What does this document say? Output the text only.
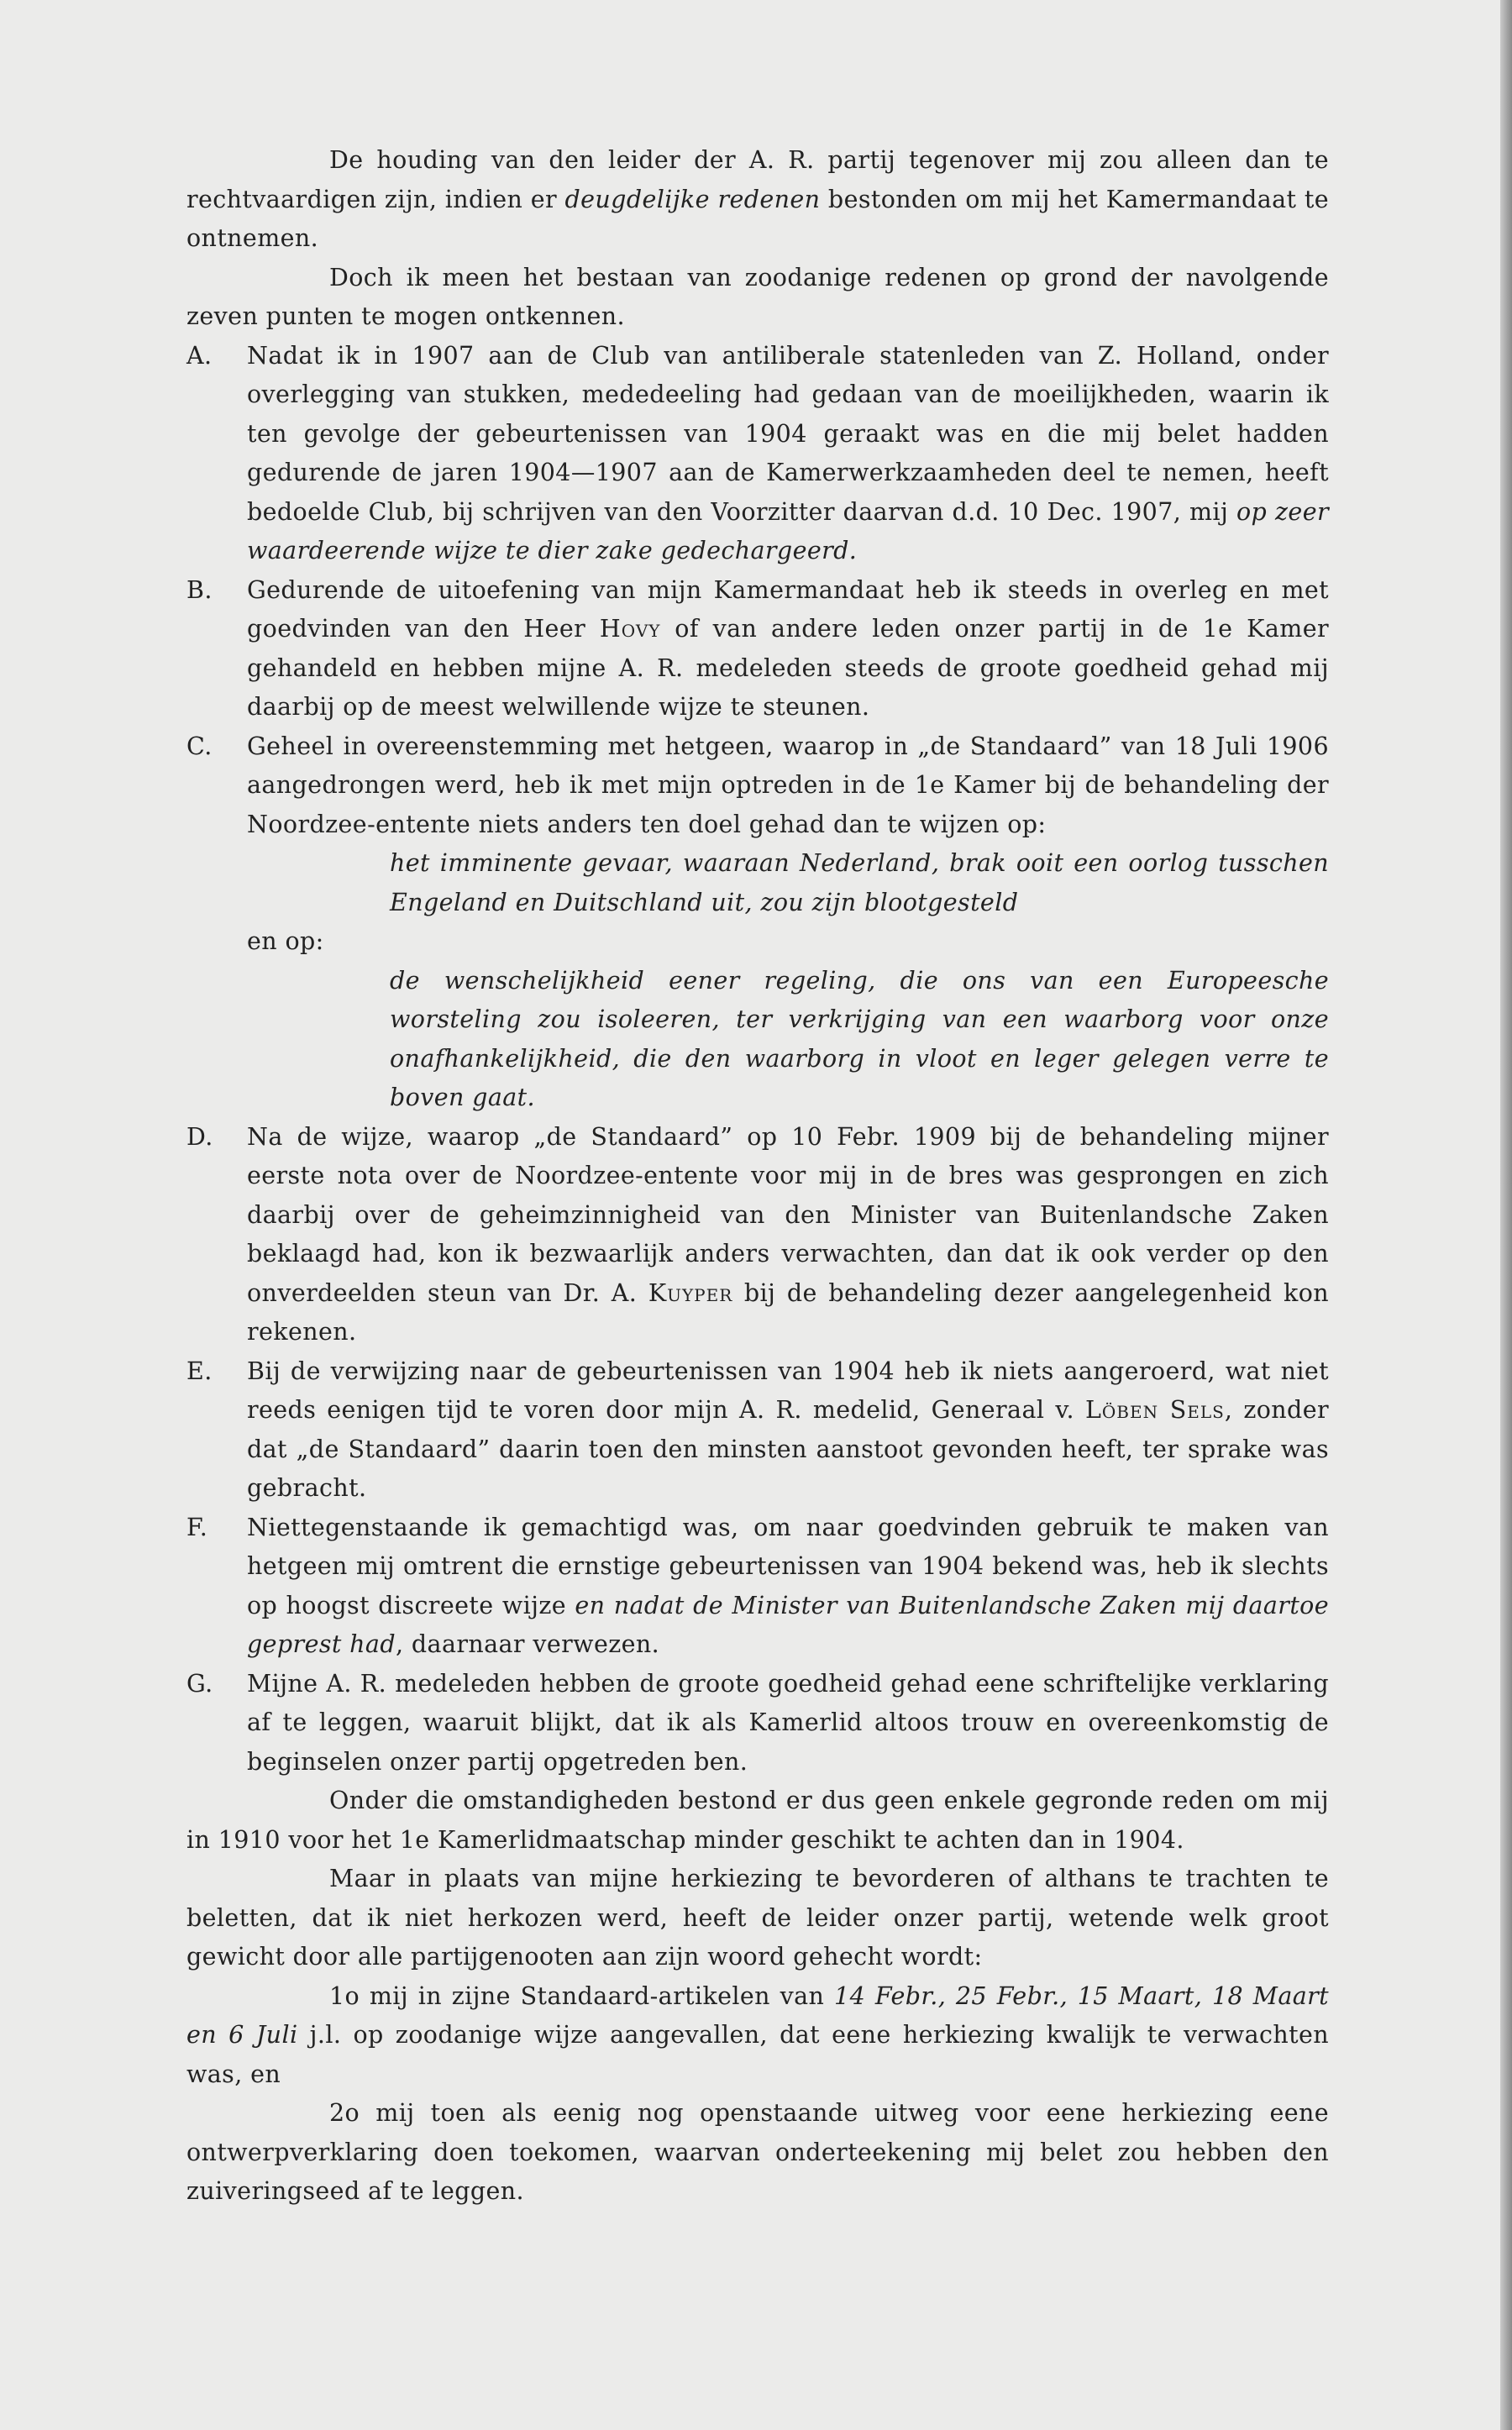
De houding van den leider der A. R. partij tegenover mij zou alleen dan te rechtvaardigen zijn, indien er deugdelijke redenen bestonden om mij het Kamermandaat te ontnemen.

Doch ik meen het bestaan van zoodanige redenen op grond der navolgende zeven punten te mogen ontkennen.

A.	Nadat ik in 1907 aan de Club van antiliberale statenleden van Z. Holland, onder overlegging van stukken, mededeeling had gedaan van de moeilijkheden, waarin ik ten gevolge der gebeurtenissen van 1904 geraakt was en die mij belet hadden gedurende de jaren 1904—1907 aan de Kamerwerkzaamheden deel te nemen, heeft bedoelde Club, bij schrijven van den Voorzitter daarvan d.d. 10 Dec. 1907, mij op zeer waardeerende wijze te dier zake gedechargeerd.
B.	Gedurende de uitoefening van mijn Kamermandaat heb ik steeds in overleg en met goedvinden van den Heer Hovy of van andere leden onzer partij in de 1e Kamer gehandeld en hebben mijne A. R. medeleden steeds de groote goedheid gehad mij daarbij op de meest welwillende wijze te steunen.
C.	Geheel in overeenstemming met hetgeen, waarop in „de Standaard” van 18 Juli 1906 aangedrongen werd, heb ik met mijn optreden in de 1e Kamer bij de behandeling der Noordzee-entente niets anders ten doel gehad dan te wijzen op:

het imminente gevaar, waaraan Nederland, brak ooit een oorlog tusschen Engeland en Duitschland uit, zou zijn blootgesteld

en op:

de wenschelijkheid eener regeling, die ons van een Europeesche worsteling zou isoleeren, ter verkrijging van een waarborg voor onze onafhankelijkheid, die den waarborg in vloot en leger gelegen verre te boven gaat.

D.	Na de wijze, waarop „de Standaard” op 10 Febr. 1909 bij de behandeling mijner eerste nota over de Noordzee-entente voor mij in de bres was gesprongen en zich daarbij over de geheimzinnigheid van den Minister van Buitenlandsche Zaken beklaagd had, kon ik bezwaarlijk anders verwachten, dan dat ik ook verder op den onverdeelden steun van Dr. A. Kuyper bij de behandeling dezer aangelegenheid kon rekenen.
E.	Bij de verwijzing naar de gebeurtenissen van 1904 heb ik niets aangeroerd, wat niet reeds eenigen tijd te voren door mijn A. R. medelid, Generaal v. Löben Sels, zonder dat „de Standaard” daarin toen den minsten aanstoot gevonden heeft, ter sprake was gebracht.
F.	Niettegenstaande ik gemachtigd was, om naar goedvinden gebruik te maken van hetgeen mij omtrent die ernstige gebeurtenissen van 1904 bekend was, heb ik slechts op hoogst discreete wijze en nadat de Minister van Buitenlandsche Zaken mij daartoe geprest had, daarnaar verwezen.
G.	Mijne A. R. medeleden hebben de groote goedheid gehad eene schriftelijke verklaring af te leggen, waaruit blijkt, dat ik als Kamerlid altoos trouw en overeenkomstig de beginselen onzer partij opgetreden ben.

Onder die omstandigheden bestond er dus geen enkele gegronde reden om mij in 1910 voor het 1e Kamerlidmaatschap minder geschikt te achten dan in 1904.

Maar in plaats van mijne herkiezing te bevorderen of althans te trachten te beletten, dat ik niet herkozen werd, heeft de leider onzer partij, wetende welk groot gewicht door alle partijgenooten aan zijn woord gehecht wordt:

1o mij in zijne Standaard-artikelen van 14 Febr., 25 Febr., 15 Maart, 18 Maart en 6 Juli j.l. op zoodanige wijze aangevallen, dat eene herkiezing kwalijk te verwachten was, en

2o mij toen als eenig nog openstaande uitweg voor eene herkiezing eene ontwerpverklaring doen toekomen, waarvan onderteekening mij belet zou hebben den zuiveringseed af te leggen.
